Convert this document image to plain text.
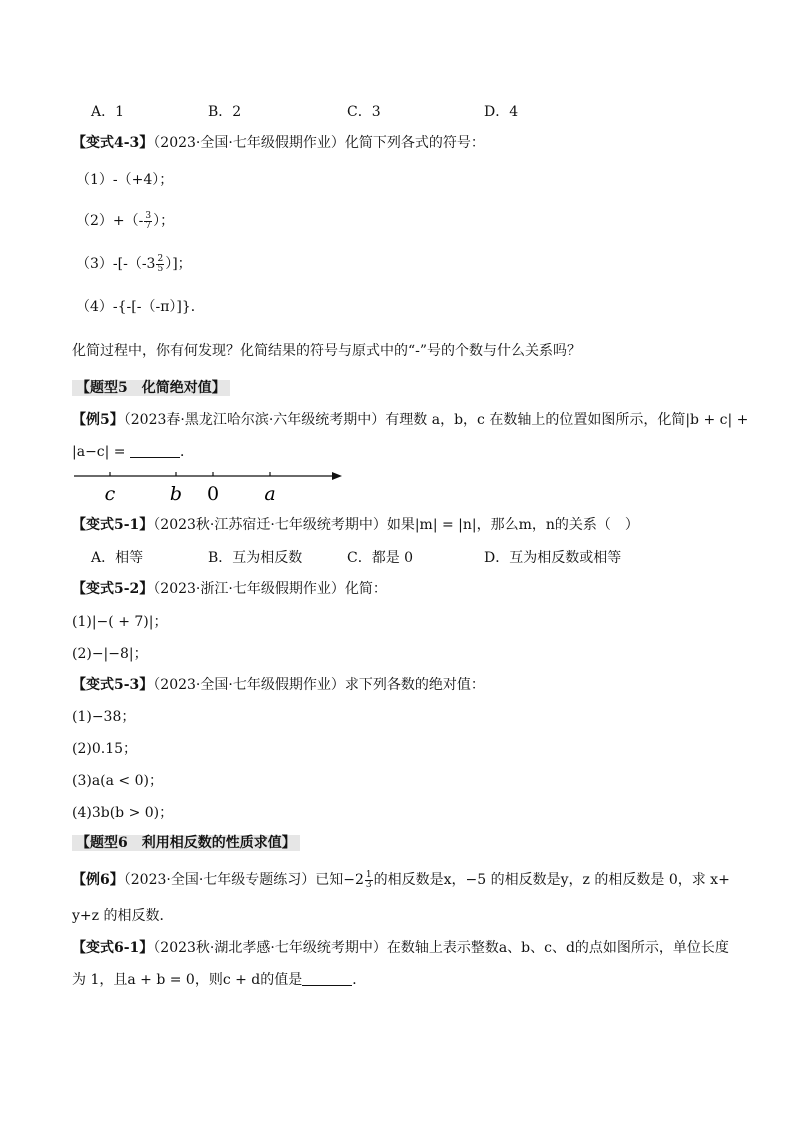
A．1	B．2	C．3	D．4
【变式4-3】（2023·全国·七年级假期作业）化简下列各式的符号：
（1）-（+4）；
$(2)+(- \frac{3}{7}$ ）；
$(3)-[-(-3 \frac{2}{5}$ ）]；
（4）-{-[-（-π）]}．
化简过程中，你有何发现？化简结果的符号与原式中的“-”号的个数与什么关系吗？
【题型5　化简绝对值】
【例5】（2023春·黑龙江哈尔滨·六年级统考期中）有理数 a，b，c 在数轴上的位置如图所示，化简|b + c| +
|a−c| =	．
c	b 0 a
【变式5-1】（2023秋·江苏宿迁·七年级统考期中）如果|m| = |n|，那么m，n的关系（　）
A．相等	B．互为相反数	C．都是 0	D．互为相反数或相等
【变式5-2】（2023·浙江·七年级假期作业）化简：
(1)|−( + 7)|；
(2)−|−8|；
【变式5-3】（2023·全国·七年级假期作业）求下列各数的绝对值：
(1)−38；
(2)0.15；
(3)a(a < 0)；
(4)3b(b > 0)；
【题型6　利用相反数的性质求值】
【例6】（2023·全国·七年级专题练习）已知$-2 \frac{1}{3}$ 的相反数是x，−5 的相反数是y，z 的相反数是 0，求 x+
y+z 的相反数．
【变式6-1】（2023秋·湖北孝感·七年级统考期中）在数轴上表示整数a、b、c、d的点如图所示，单位长度
为 1，且a + b = 0，则c + d的值是	．
